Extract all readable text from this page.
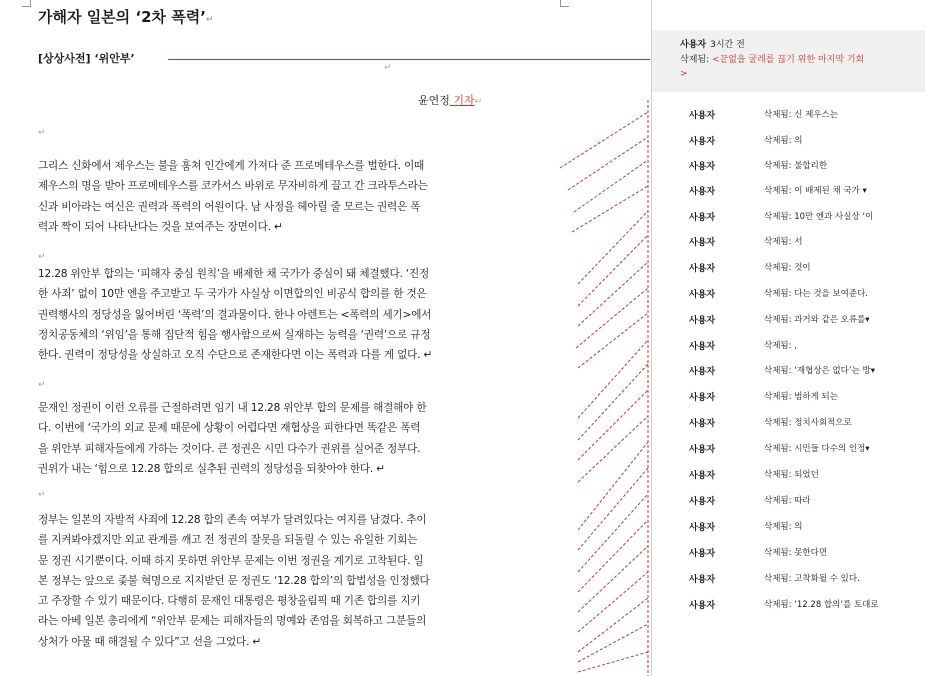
가해자 일본의 ‘2차 폭력’↵
[상상사전] ‘위안부’
↵
윤연정 기자↵
↵
그리스 신화에서 제우스는 불을 훔쳐 인간에게 가져다 준 프로메테우스를 벌한다. 이때
제우스의 명을 받아 프로메테우스를 코카서스 바위로 무자비하게 끌고 간 크라투스라는
신과 비아라는 여신은 권력과 폭력의 어원이다. 남 사정을 헤아릴 줄 모르는 권력은 폭
력과 짝이 되어 나타난다는 것을 보여주는 장면이다. ↵
↵
12.28 위안부 합의는 ‘피해자 중심 원칙’을 배제한 채 국가가 중심이 돼 체결했다. ‘진정
한 사죄’ 없이 10만 엔을 주고받고 두 국가가 사실상 이면합의인 비공식 합의를 한 것은
권력행사의 정당성을 잃어버린 ‘폭력’의 결과물이다. 한나 아렌트는 <폭력의 세기>에서
정치공동체의 ‘위임’을 통해 집단적 힘을 행사함으로써 실재하는 능력을 ‘권력’으로 규정
한다. 권력이 정당성을 상실하고 오직 수단으로 존재한다면 이는 폭력과 다를 게 없다. ↵
↵
문재인 정권이 이런 오류를 근절하려면 임기 내 12.28 위안부 합의 문제를 해결해야 한
다. 이번에 ‘국가의 외교 문제 때문에 상황이 어렵다면 재협상을 피한다면 똑같은 폭력
을 위안부 피해자들에게 가하는 것이다. 큰 정권은 시민 다수가 권위를 실어준 정부다.
권위가 내는 ‘힘으로 12.28 합의로 실추된 권력의 정당성을 되찾아야 한다. ↵
↵
정부는 일본의 자발적 사죄에 12.28 합의 존속 여부가 달려있다는 여지를 남겼다. 추이
를 지켜봐야겠지만 외교 관계를 깨고 전 정권의 잘못을 되돌릴 수 있는 유일한 기회는
문 정권 시기뿐이다. 이때 하지 못하면 위안부 문제는 이번 정권을 계기로 고착된다. 일
본 정부는 앞으로 좇불 혁명으로 지지받던 문 정권도 ‘12.28 합의’의 합법성을 인정했다
고 주장할 수 있기 때문이다. 다행히 문재인 대통령은 평창올림픽 때 기존 합의를 지키
라는 아베 일본 총리에게 “위안부 문제는 피해자들의 명예와 존엄을 회복하고 그분들의
상처가 아물 때 해결될 수 있다”고 선을 그었다. ↵
사용자 3시간 전
삭제됨: <끝없을 굴레를 끊기 위한 마지막 기회
>
사용자	삭제됨: 신 제우스는
사용자	삭제됨: 의
사용자	삭제됨: 불합리한
사용자	삭제됨: 이 배제된 채 국가 ▾
사용자	삭제됨: 10만 엔과 사실상 ‘이
사용자	삭제됨: 서
사용자	삭제됨: 것이
사용자	삭제됨: 다는 것을 보여준다.
사용자	삭제됨: 과거와 같은 오류를▾
사용자	삭제됨: ,
사용자	삭제됨: ‘재협상은 없다’는 방▾
사용자	삭제됨: 범하게 되는
사용자	삭제됨: 정치사회적으로
사용자	삭제됨: 시민들 다수의 인정▾
사용자	삭제됨: 되었던
사용자	삭제됨: 따라
사용자	삭제됨: 의
사용자	삭제됨: 못한다면
사용자	삭제됨: 고착화될 수 있다.
사용자	삭제됨: ‘12.28 합의’를 토대로
